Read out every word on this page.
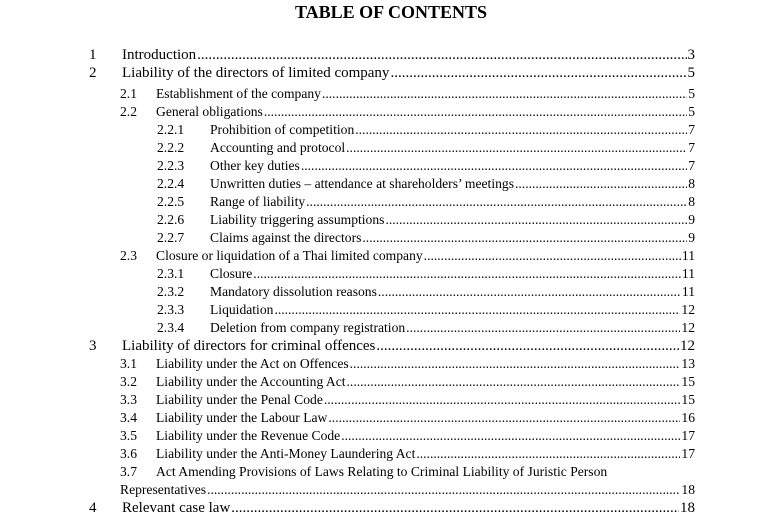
TABLE OF CONTENTS
1 Introduction .....	3
2 Liability of the directors of limited company .....	5
2.1 Establishment of the company .....	5
2.2 General obligations .....	5
2.2.1 Prohibition of competition .....	7
2.2.2 Accounting and protocol .....	7
2.2.3 Other key duties .....	7
2.2.4 Unwritten duties – attendance at shareholders’ meetings .....	8
2.2.5 Range of liability .....	8
2.2.6 Liability triggering assumptions .....	9
2.2.7 Claims against the directors .....	9
2.3 Closure or liquidation of a Thai limited company .....	11
2.3.1 Closure .....	11
2.3.2 Mandatory dissolution reasons .....	11
2.3.3 Liquidation .....	12
2.3.4 Deletion from company registration .....	12
3 Liability of directors for criminal offences .....	12
3.1 Liability under the Act on Offences .....	13
3.2 Liability under the Accounting Act .....	15
3.3 Liability under the Penal Code .....	15
3.4 Liability under the Labour Law .....	16
3.5 Liability under the Revenue Code .....	17
3.6 Liability under the Anti-Money Laundering Act .....	17
3.7 Act Amending Provisions of Laws Relating to Criminal Liability of Juristic Person
Representatives .....	18
4 Relevant case law .....	18
